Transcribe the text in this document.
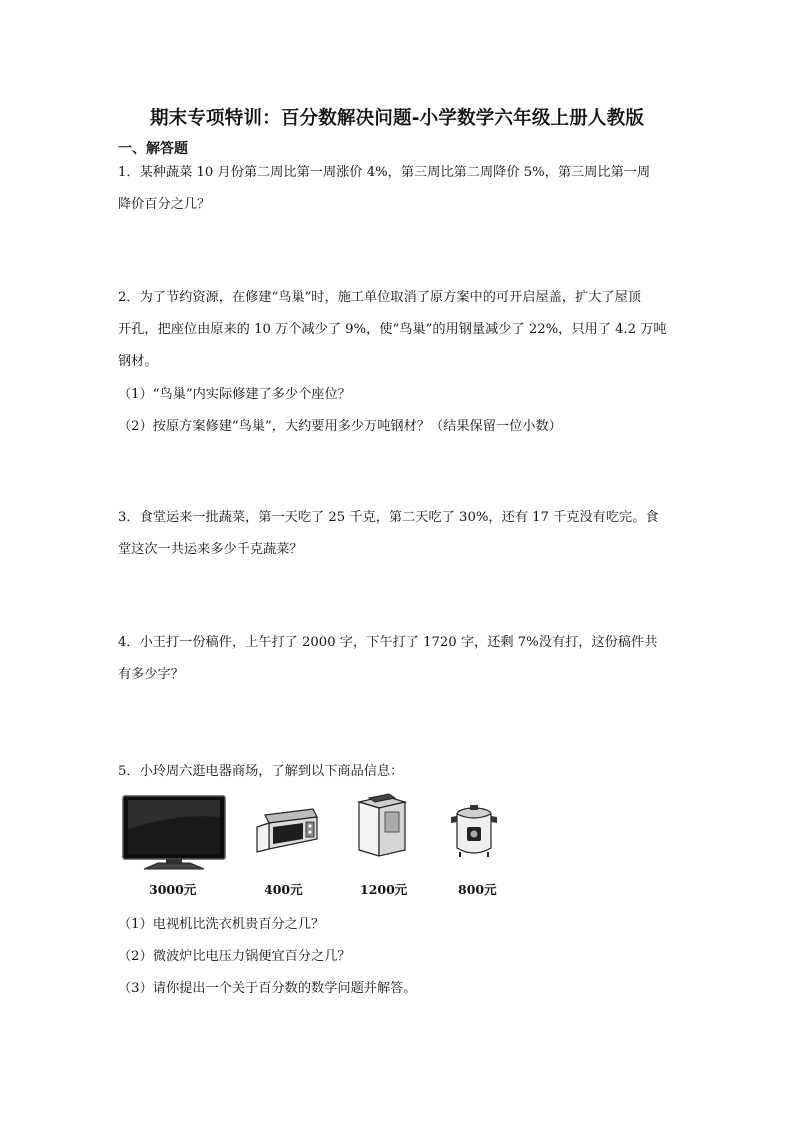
期末专项特训：百分数解决问题-小学数学六年级上册人教版
一、解答题
1．某种蔬菜 10 月份第二周比第一周涨价 4%，第三周比第二周降价 5%，第三周比第一周
降价百分之几？
2．为了节约资源，在修建“鸟巢”时，施工单位取消了原方案中的可开启屋盖，扩大了屋顶
开孔，把座位由原来的 10 万个减少了 9%，使“鸟巢”的用钢量减少了 22%，只用了 4.2 万吨
钢材。
（1）“鸟巢”内实际修建了多少个座位？
（2）按原方案修建“鸟巢”，大约要用多少万吨钢材？（结果保留一位小数）
3．食堂运来一批蔬菜，第一天吃了 25 千克，第二天吃了 30%，还有 17 千克没有吃完。食
堂这次一共运来多少千克蔬菜？
4．小王打一份稿件，上午打了 2000 字，下午打了 1720 字，还剩 7%没有打，这份稿件共
有多少字？
5．小玲周六逛电器商场，了解到以下商品信息：
3000元	400元	1200元	800元
（1）电视机比洗衣机贵百分之几？
（2）微波炉比电压力锅便宜百分之几？
（3）请你提出一个关于百分数的数学问题并解答。
